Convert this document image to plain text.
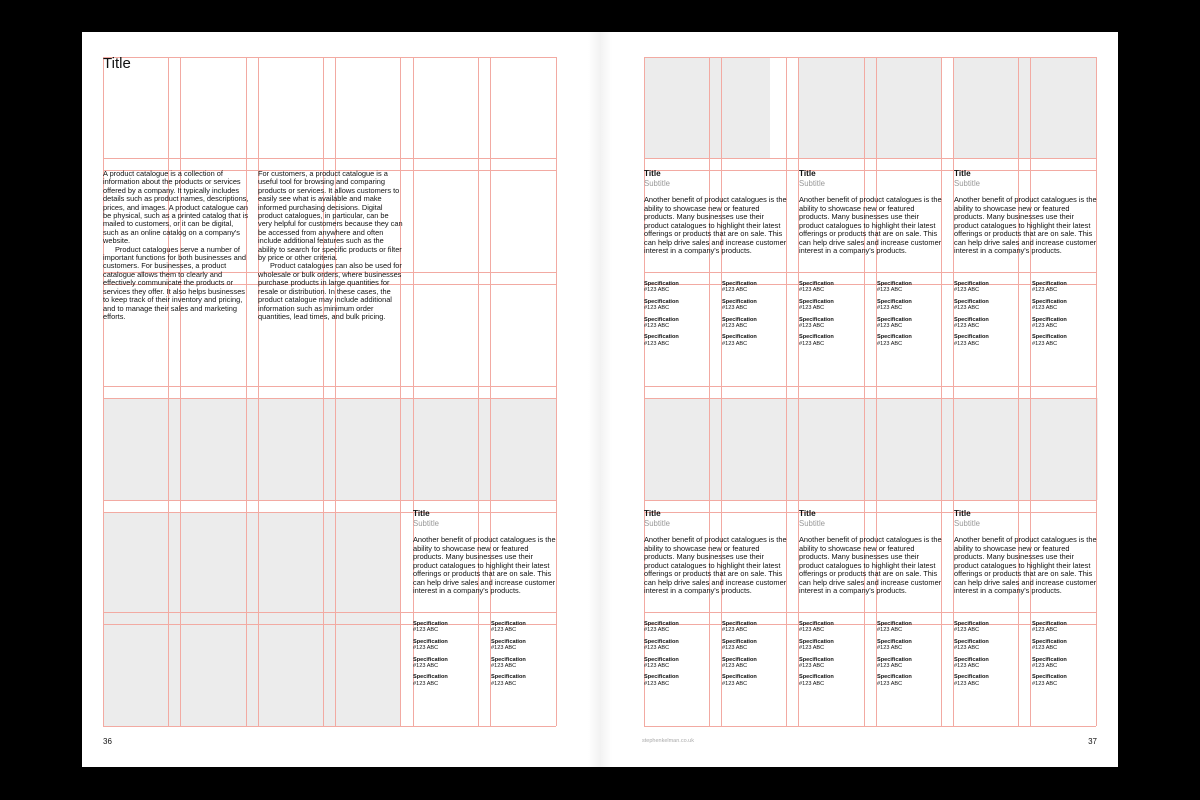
Title

A product catalogue is a collection of information about the products or services offered by a company. It typically includes details such as product names, descriptions, prices, and images. A product catalogue can be physical, such as a printed catalog that is mailed to customers, or it can be digital, such as an online catalog on a company's website.

Product catalogues serve a number of important functions for both businesses and customers. For businesses, a product catalogue allows them to clearly and effectively communicate the products or services they offer. It also helps businesses to keep track of their inventory and pricing, and to manage their sales and marketing efforts.

For customers, a product catalogue is a useful tool for browsing and comparing products or services. It allows customers to easily see what is available and make informed purchasing decisions. Digital product catalogues, in particular, can be very helpful for customers because they can be accessed from anywhere and often include additional features such as the ability to search for specific products or filter by price or other criteria.

Product catalogues can also be used for wholesale or bulk orders, where businesses purchase products in large quantities for resale or distribution. In these cases, the product catalogue may include additional information such as minimum order quantities, lead times, and bulk pricing.

Title
Subtitle
Another benefit of product catalogues is the ability to showcase new or featured products. Many businesses use their product catalogues to highlight their latest offerings or products that are on sale. This can help drive sales and increase customer interest in a company's products.
Specification
#123 ABC
Specification
#123 ABC
Specification
#123 ABC
Specification
#123 ABC
Specification
#123 ABC
Specification
#123 ABC
Specification
#123 ABC
Specification
#123 ABC
36
Title
Subtitle
Another benefit of product catalogues is the ability to showcase new or featured products. Many businesses use their product catalogues to highlight their latest offerings or products that are on sale. This can help drive sales and increase customer interest in a company's products.
Specification
#123 ABC
Specification
#123 ABC
Specification
#123 ABC
Specification
#123 ABC
Specification
#123 ABC
Specification
#123 ABC
Specification
#123 ABC
Specification
#123 ABC
Title
Subtitle
Another benefit of product catalogues is the ability to showcase new or featured products. Many businesses use their product catalogues to highlight their latest offerings or products that are on sale. This can help drive sales and increase customer interest in a company's products.
Specification
#123 ABC
Specification
#123 ABC
Specification
#123 ABC
Specification
#123 ABC
Specification
#123 ABC
Specification
#123 ABC
Specification
#123 ABC
Specification
#123 ABC
Title
Subtitle
Another benefit of product catalogues is the ability to showcase new or featured products. Many businesses use their product catalogues to highlight their latest offerings or products that are on sale. This can help drive sales and increase customer interest in a company's products.
Specification
#123 ABC
Specification
#123 ABC
Specification
#123 ABC
Specification
#123 ABC
Specification
#123 ABC
Specification
#123 ABC
Specification
#123 ABC
Specification
#123 ABC
Title
Subtitle
Another benefit of product catalogues is the ability to showcase new or featured products. Many businesses use their product catalogues to highlight their latest offerings or products that are on sale. This can help drive sales and increase customer interest in a company's products.
Specification
#123 ABC
Specification
#123 ABC
Specification
#123 ABC
Specification
#123 ABC
Specification
#123 ABC
Specification
#123 ABC
Specification
#123 ABC
Specification
#123 ABC
Title
Subtitle
Another benefit of product catalogues is the ability to showcase new or featured products. Many businesses use their product catalogues to highlight their latest offerings or products that are on sale. This can help drive sales and increase customer interest in a company's products.
Specification
#123 ABC
Specification
#123 ABC
Specification
#123 ABC
Specification
#123 ABC
Specification
#123 ABC
Specification
#123 ABC
Specification
#123 ABC
Specification
#123 ABC
Title
Subtitle
Another benefit of product catalogues is the ability to showcase new or featured products. Many businesses use their product catalogues to highlight their latest offerings or products that are on sale. This can help drive sales and increase customer interest in a company's products.
Specification
#123 ABC
Specification
#123 ABC
Specification
#123 ABC
Specification
#123 ABC
Specification
#123 ABC
Specification
#123 ABC
Specification
#123 ABC
Specification
#123 ABC
stephenkelman.co.uk	37
